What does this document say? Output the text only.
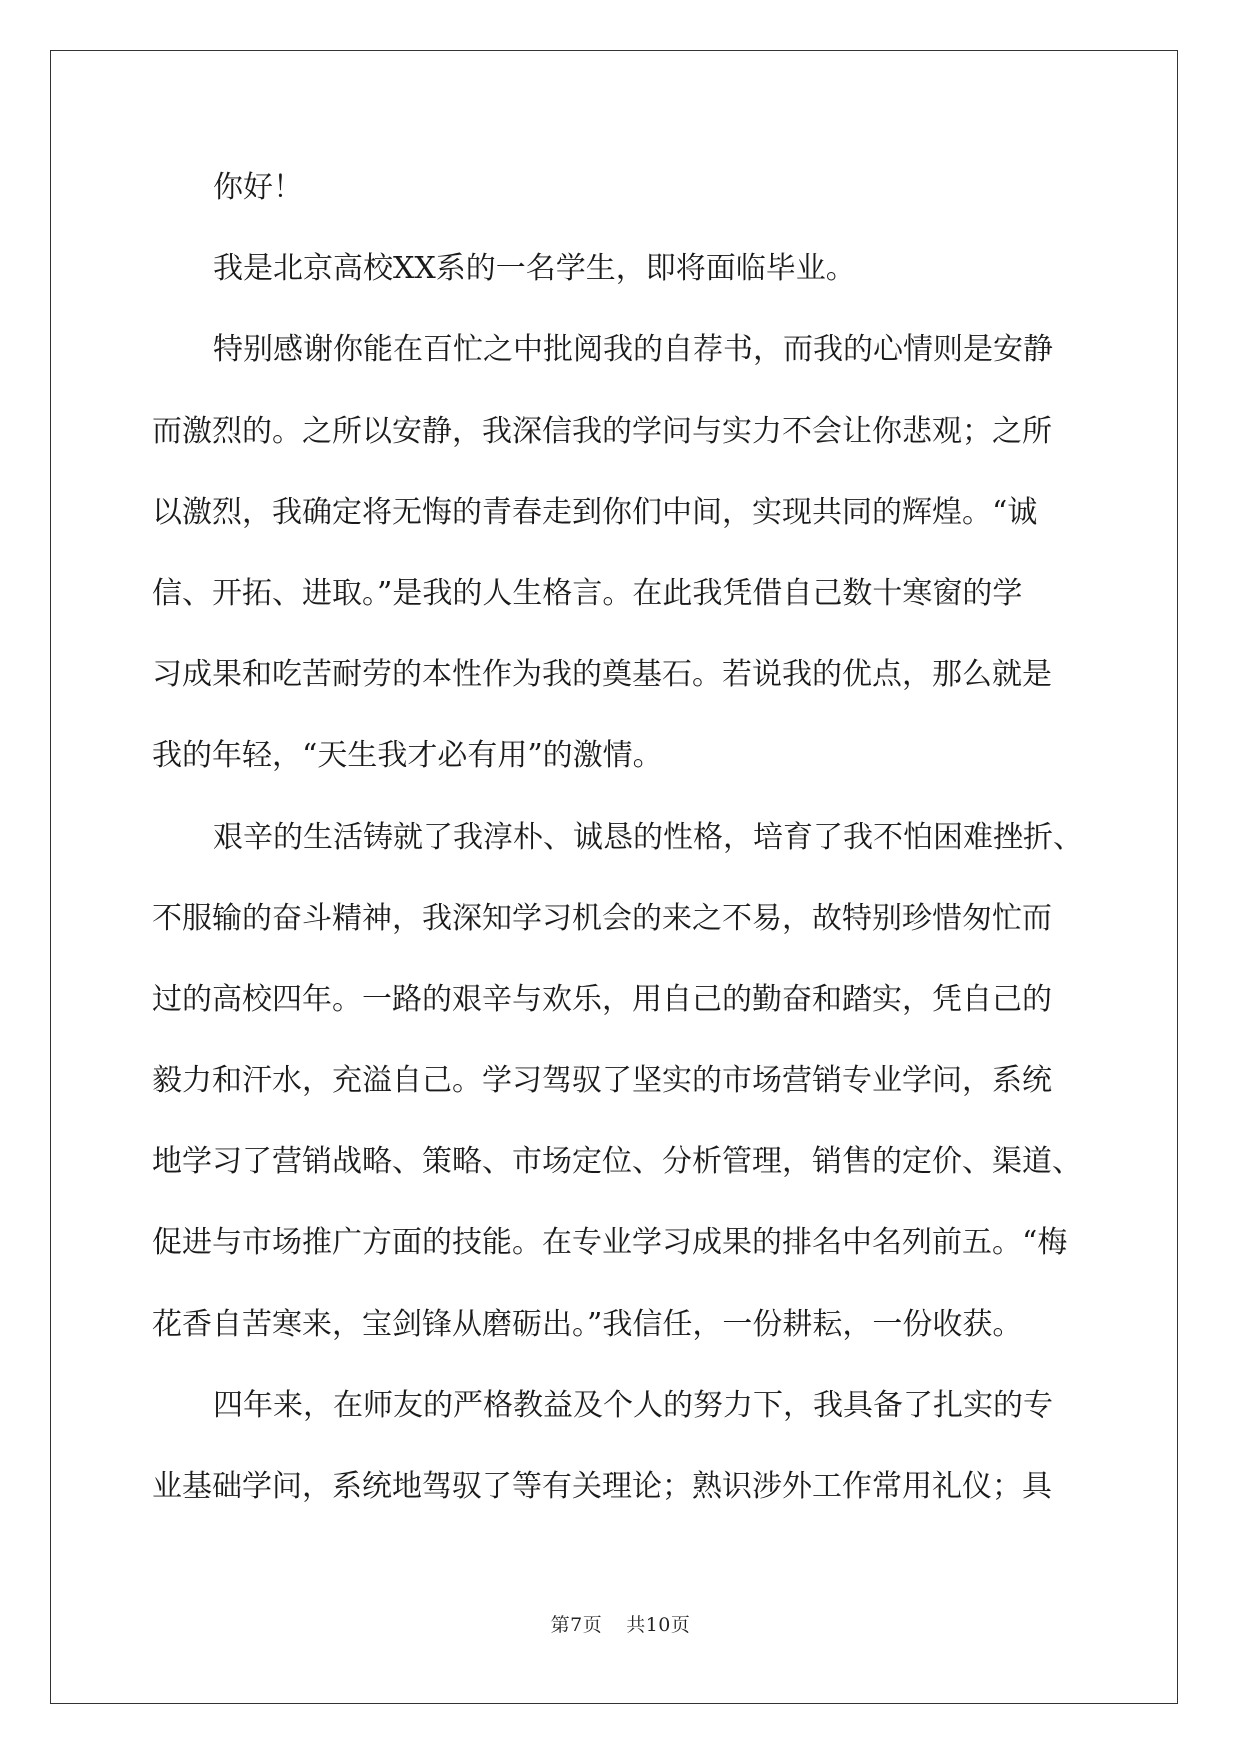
你好！
我是北京高校XX系的一名学生，即将面临毕业。
特别感谢你能在百忙之中批阅我的自荐书，而我的心情则是安静
而激烈的。之所以安静，我深信我的学问与实力不会让你悲观；之所
以激烈，我确定将无悔的青春走到你们中间，实现共同的辉煌。“诚
信、开拓、进取。”是我的人生格言。在此我凭借自己数十寒窗的学
习成果和吃苦耐劳的本性作为我的奠基石。若说我的优点，那么就是
我的年轻，“天生我才必有用”的激情。
艰辛的生活铸就了我淳朴、诚恳的性格，培育了我不怕困难挫折、
不服输的奋斗精神，我深知学习机会的来之不易，故特别珍惜匆忙而
过的高校四年。一路的艰辛与欢乐，用自己的勤奋和踏实，凭自己的
毅力和汗水，充溢自己。学习驾驭了坚实的市场营销专业学问，系统
地学习了营销战略、策略、市场定位、分析管理，销售的定价、渠道、
促进与市场推广方面的技能。在专业学习成果的排名中名列前五。“梅
花香自苦寒来，宝剑锋从磨砺出。”我信任，一份耕耘，一份收获。
四年来，在师友的严格教益及个人的努力下，我具备了扎实的专
业基础学问，系统地驾驭了等有关理论；熟识涉外工作常用礼仪；具
第7页 共10页
